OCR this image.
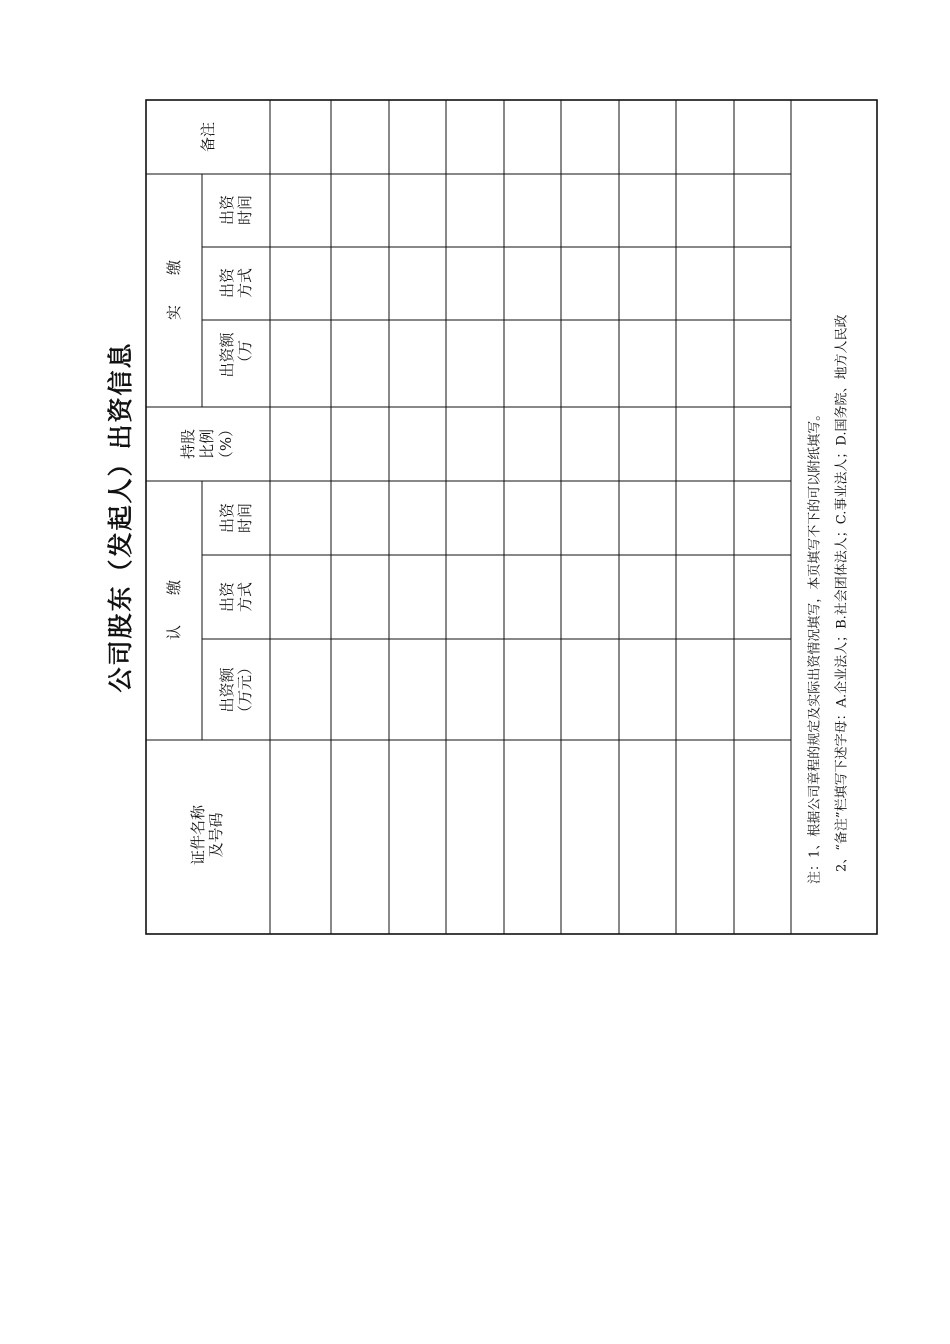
公司股东（发起人）出资信息
备注
实　　缴
出资 时间
出资 方式
出资额 （万
持股 比例 （%）
认　　缴
出资 时间
出资 方式
出资额 （万元）
证件名称 及号码	注：1、根据公司章程的规定及实际出资情况填写，本页填写不下的可以附纸填写。 2、“备注”栏填写下述字母：A.企业法人；B.社会团体法人；C.事业法人；D.国务院、地方人民政
